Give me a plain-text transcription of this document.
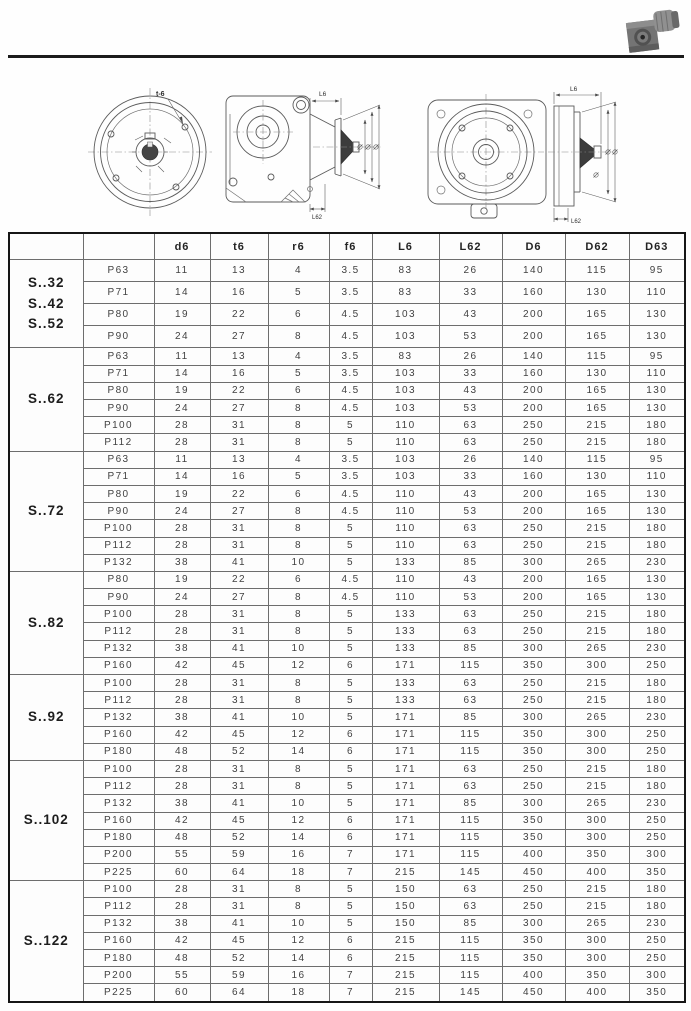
t-6	L6
L62
L6
L62
		d6	t6	r6	f6	L6	L62	D6	D62	D63

S..32
S..42
S..52	P63	11	13	4	3.5	83	26	140	115	95
	P71	14	16	5	3.5	83	33	160	130	110
	P80	19	22	6	4.5	103	43	200	165	130
	P90	24	27	8	4.5	103	53	200	165	130

S..62	P63	11	13	4	3.5	83	26	140	115	95
	P71	14	16	5	3.5	103	33	160	130	110
	P80	19	22	6	4.5	103	43	200	165	130
	P90	24	27	8	4.5	103	53	200	165	130
	P100	28	31	8	5	110	63	250	215	180
	P112	28	31	8	5	110	63	250	215	180

S..72	P63	11	13	4	3.5	103	26	140	115	95
	P71	14	16	5	3.5	103	33	160	130	110
	P80	19	22	6	4.5	110	43	200	165	130
	P90	24	27	8	4.5	110	53	200	165	130
	P100	28	31	8	5	110	63	250	215	180
	P112	28	31	8	5	110	63	250	215	180
	P132	38	41	10	5	133	85	300	265	230

S..82	P80	19	22	6	4.5	110	43	200	165	130
	P90	24	27	8	4.5	110	53	200	165	130
	P100	28	31	8	5	133	63	250	215	180
	P112	28	31	8	5	133	63	250	215	180
	P132	38	41	10	5	133	85	300	265	230
	P160	42	45	12	6	171	115	350	300	250

S..92	P100	28	31	8	5	133	63	250	215	180
	P112	28	31	8	5	133	63	250	215	180
	P132	38	41	10	5	171	85	300	265	230
	P160	42	45	12	6	171	115	350	300	250
	P180	48	52	14	6	171	115	350	300	250

S..102	P100	28	31	8	5	171	63	250	215	180
	P112	28	31	8	5	171	63	250	215	180
	P132	38	41	10	5	171	85	300	265	230
	P160	42	45	12	6	171	115	350	300	250
	P180	48	52	14	6	171	115	350	300	250
	P200	55	59	16	7	171	115	400	350	300
	P225	60	64	18	7	215	145	450	400	350

S..122	P100	28	31	8	5	150	63	250	215	180
	P112	28	31	8	5	150	63	250	215	180
	P132	38	41	10	5	150	85	300	265	230
	P160	42	45	12	6	215	115	350	300	250
	P180	48	52	14	6	215	115	350	300	250
	P200	55	59	16	7	215	115	400	350	300
	P225	60	64	18	7	215	145	450	400	350
